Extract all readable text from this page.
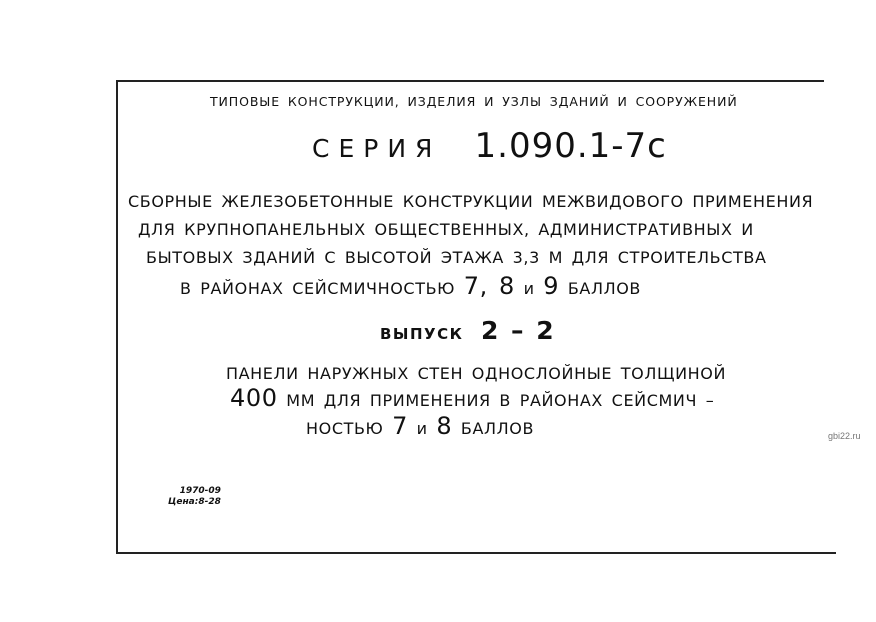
ТИПОВЫЕ КОНСТРУКЦИИ, ИЗДЕЛИЯ И УЗЛЫ ЗДАНИЙ И СООРУЖЕНИЙ
СЕРИЯ 1.090.1-7с
СБОРНЫЕ ЖЕЛЕЗОБЕТОННЫЕ КОНСТРУКЦИИ МЕЖВИДОВОГО ПРИМЕНЕНИЯ
ДЛЯ КРУПНОПАНЕЛЬНЫХ ОБЩЕСТВЕННЫХ, АДМИНИСТРАТИВНЫХ И
БЫТОВЫХ ЗДАНИЙ С ВЫСОТОЙ ЭТАЖА 3,3 М ДЛЯ СТРОИТЕЛЬСТВА
В РАЙОНАХ СЕЙСМИЧНОСТЬЮ 7, 8 и 9 БАЛЛОВ
ВЫПУСК 2 – 2
ПАНЕЛИ НАРУЖНЫХ СТЕН ОДНОСЛОЙНЫЕ ТОЛЩИНОЙ
400 ММ ДЛЯ ПРИМЕНЕНИЯ В РАЙОНАХ СЕЙСМИЧ –
НОСТЬЮ 7 и 8 БАЛЛОВ
1970-09
Цена:8-28
gbi22.ru
